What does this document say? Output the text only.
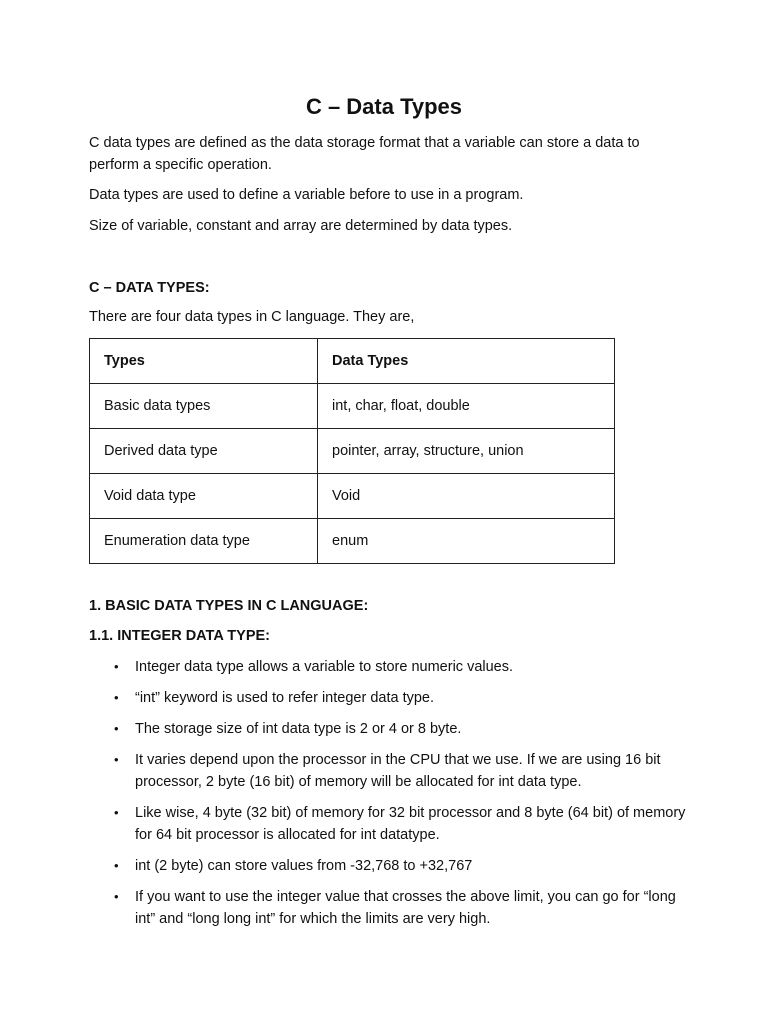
C – Data Types

C data types are defined as the data storage format that a variable can store a data to perform a specific operation.

Data types are used to define a variable before to use in a program.

Size of variable, constant and array are determined by data types.

C – DATA TYPES:

There are four data types in C language. They are,

Types	Data Types
Basic data types	int, char, float, double
Derived data type	pointer, array, structure, union
Void data type	Void
Enumeration data type	enum

1. BASIC DATA TYPES IN C LANGUAGE:

1.1. INTEGER DATA TYPE:

• Integer data type allows a variable to store numeric values.
• “int” keyword is used to refer integer data type.
• The storage size of int data type is 2 or 4 or 8 byte.
• It varies depend upon the processor in the CPU that we use. If we are using 16 bit processor, 2 byte (16 bit) of memory will be allocated for int data type.
• Like wise, 4 byte (32 bit) of memory for 32 bit processor and 8 byte (64 bit) of memory for 64 bit processor is allocated for int datatype.
• int (2 byte) can store values from -32,768 to +32,767
• If you want to use the integer value that crosses the above limit, you can go for “long int” and “long long int” for which the limits are very high.
